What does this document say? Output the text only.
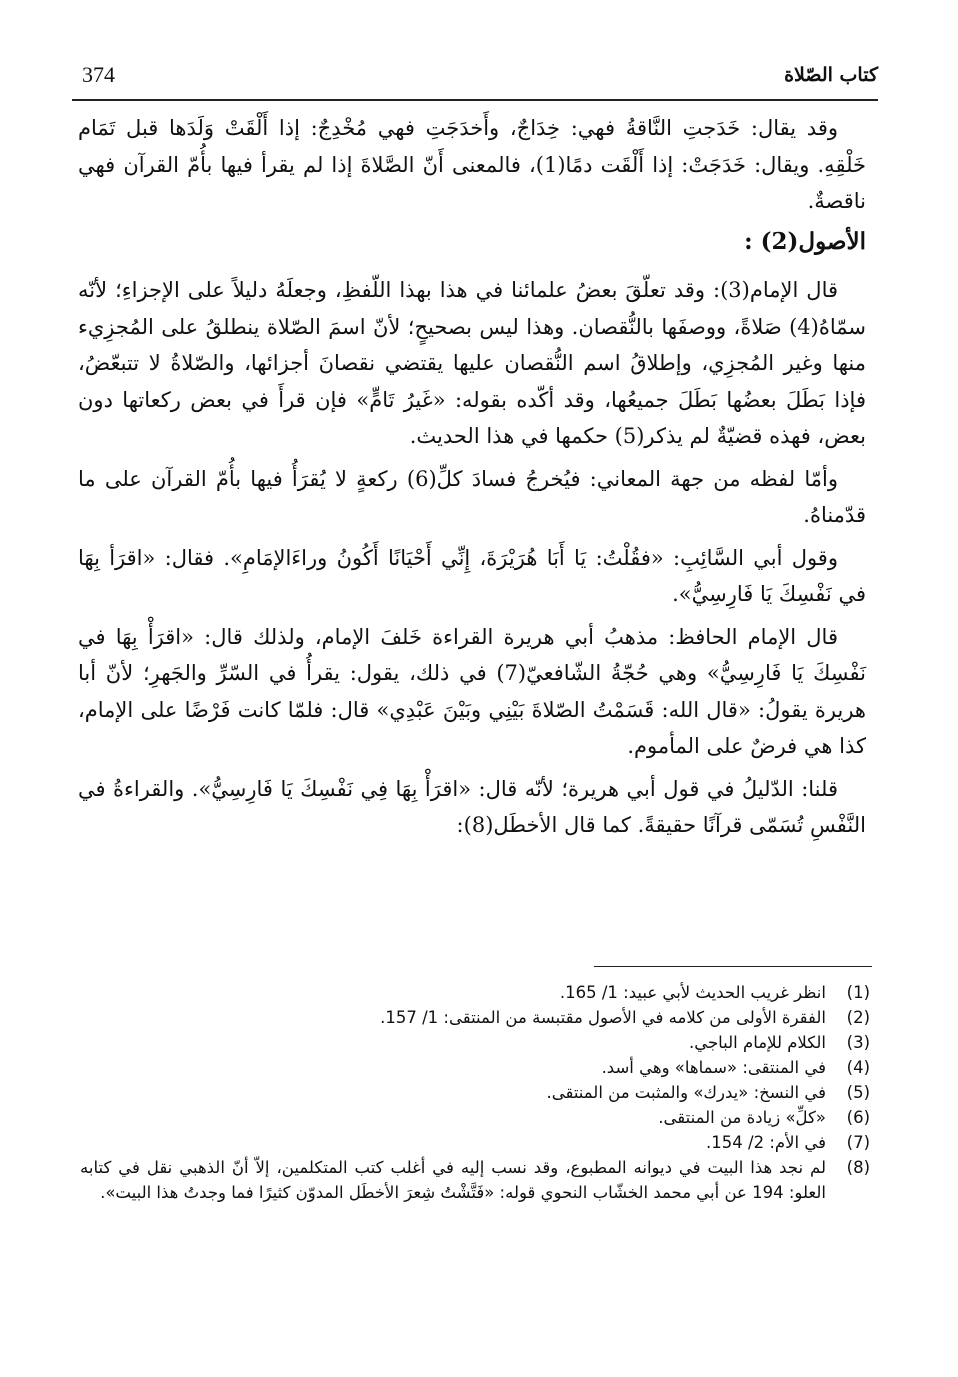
374	كتاب الصّلاة

وقد يقال: خَدَجتِ النَّاقةُ فهي: خِدَاجٌ، وأَخدَجَتِ فهي مُخْدِجٌ: إذا أَلْقَتْ وَلَدَها قبل تَمَام خَلْقِهِ. ويقال: خَدَجَتْ: إذا أَلْقَت دمًا(1)، فالمعنى أَنّ الصَّلاةَ إذا لم يقرأ فيها بأُمّ القرآن فهي ناقصةٌ.

الأصول(2) :

قال الإمام(3): وقد تعلّقَ بعضُ علمائنا في هذا بهذا اللّفظِ، وجعلَهُ دليلاً على الإجزاءِ؛ لأنّه سمّاهُ(4) صَلاةً، ووصفَها بالنُّقصان. وهذا ليس بصحيحٍ؛ لأنّ اسمَ الصّلاة ينطلقُ على المُجزِيء منها وغير المُجزِي، وإطلاقُ اسم النُّقصان عليها يقتضي نقصانَ أجزائها، والصّلاةُ لا تتبعّضُ، فإذا بَطَلَ بعضُها بَطَلَ جميعُها، وقد أكّده بقوله: «غَيرُ تَامٍّ» فإن قرأَ في بعض ركعاتها دون بعض، فهذه قضيّةٌ لم يذكر(5) حكمها في هذا الحديث.

وأمّا لفظه من جهة المعاني: فيُخرجُ فسادَ كلِّ(6) ركعةٍ لا يُقرَأُ فيها بأُمّ القرآن على ما قدّمناهُ.

وقول أبي السَّائِبِ: «فقُلْتُ: يَا أَبَا هُرَيْرَةَ، إِنِّي أَحْيَانًا أَكُونُ وراءَالإمَامِ». فقال: «اقرَأ بِهَا في نَفْسِكَ يَا فَارِسِيُّ».

قال الإمام الحافظ: مذهبُ أبي هريرة القراءة خَلفَ الإمام، ولذلك قال: «اقرَأْ بِهَا في نَفْسِكَ يَا فَارِسِيُّ» وهي حُجّةُ الشّافعيّ(7) في ذلك، يقول: يقرأُ في السّرِّ والجَهرِ؛ لأنّ أبا هريرة يقولُ: «قال الله: قَسَمْتُ الصّلاةَ بَيْنِي وبَيْنَ عَبْدِي» قال: فلمّا كانت فَرْضًا على الإمام، كذا هي فرضٌ على المأموم.

قلنا: الدّليلُ في قول أبي هريرة؛ لأنّه قال: «اقرَأْ بِهَا فِي نَفْسِكَ يَا فَارِسِيُّ». والقراءةُ في النَّفْسِ تُسَمّى قرآنًا حقيقةً. كما قال الأخطَل(8):

(1)
انظر غريب الحديث لأبي عبيد: 1/ 165.
(2)
الفقرة الأولى من كلامه في الأصول مقتبسة من المنتقى: 1/ 157.
(3)
الكلام للإمام الباجي.
(4)
في المنتقى: «سماها» وهي أسد.
(5)
في النسخ: «يدرك» والمثبت من المنتقى.
(6)
«كلِّ» زيادة من المنتقى.
(7)
في الأم: 2/ 154.
(8)
لم نجد هذا البيت في ديوانه المطبوع، وقد نسب إليه في أغلب كتب المتكلمين، إلاّ أنّ الذهبي نقل في كتابه العلو: 194 عن أبي محمد الخشّاب النحوي قوله: «فَتَّشْتُ شِعرَ الأخطَل المدوّن كثيرًا فما وجدتُ هذا البيت».
